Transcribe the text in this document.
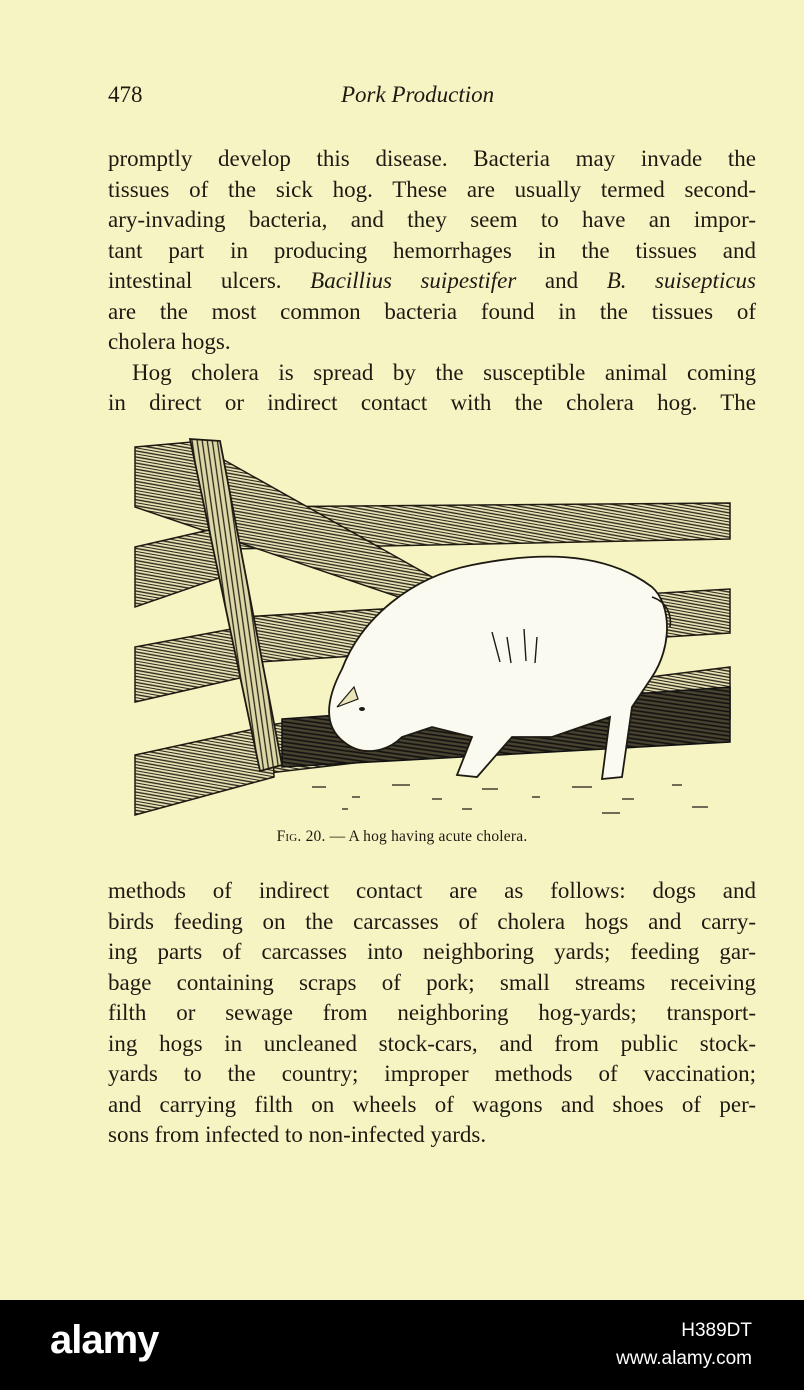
478	Pork Production
promptly develop this disease. Bacteria may invade the
tissues of the sick hog. These are usually termed second-
ary-invading bacteria, and they seem to have an impor-
tant part in producing hemorrhages in the tissues and
intestinal ulcers. Bacillius suipestifer and B. suisepticus
are the most common bacteria found in the tissues of
cholera hogs.
Hog cholera is spread by the susceptible animal coming
in direct or indirect contact with the cholera hog. The
Fig. 20. — A hog having acute cholera.
methods of indirect contact are as follows: dogs and
birds feeding on the carcasses of cholera hogs and carry-
ing parts of carcasses into neighboring yards; feeding gar-
bage containing scraps of pork; small streams receiving
filth or sewage from neighboring hog-yards; transport-
ing hogs in uncleaned stock-cars, and from public stock-
yards to the country; improper methods of vaccination;
and carrying filth on wheels of wagons and shoes of per-
sons from infected to non-infected yards.
alamy	H389DT
www.alamy.com
